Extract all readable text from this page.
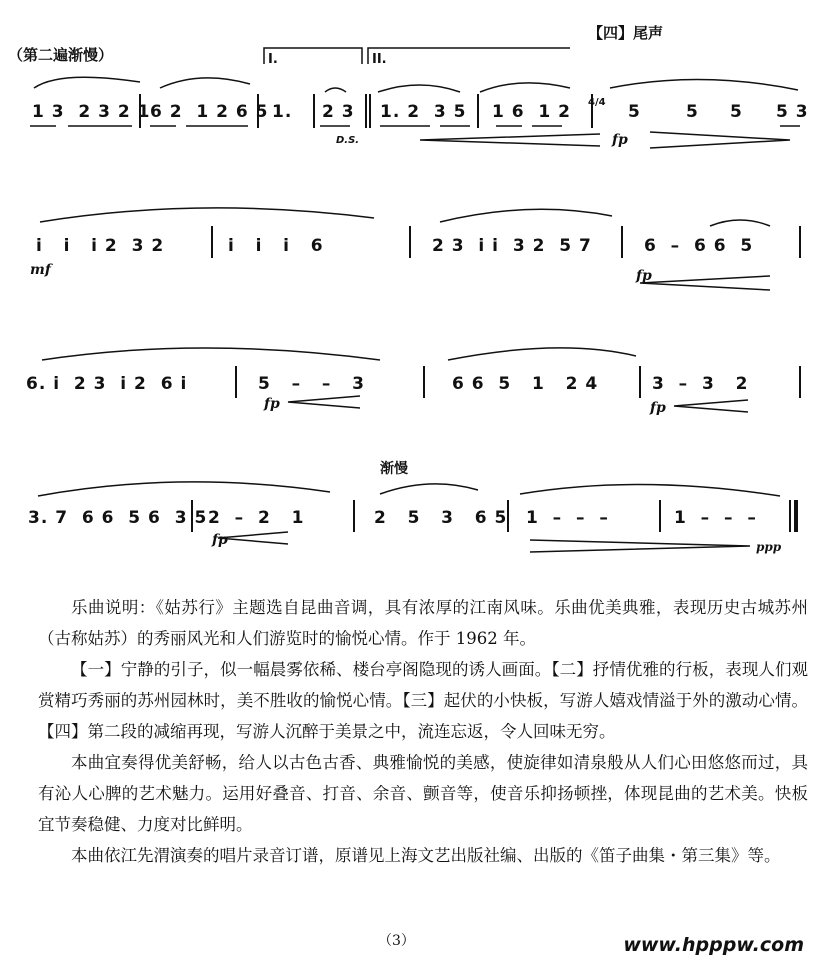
（第二遍渐慢）
【四】尾声
I.	II.
D.S.
1 3  2 3 2 1 6 2  1 2 6 5 1. 2 3 1. 2  3 5 1 6  1 2 4/4 5	5 5 5 3
fp
i   i   i 2  3 2	i   i   i   6	2 3  i i  3 2  5 7	6  –  6 6  5
mf	fp
6. i  2 3  i 2  6 i	5   –   –   3	6 6  5   1   2 4	3  –  3   2
fp	fp
渐慢
3. 7  6 6  5 6  3 5 2  –  2   1	2   5   3   6 5 1  –  –  –	1  –  –  –
fp	ppp

乐曲说明：《姑苏行》主题选自昆曲音调，具有浓厚的江南风味。乐曲优美典雅，表现历史古城苏州（古称姑苏）的秀丽风光和人们游览时的愉悦心情。作于 1962 年。

【一】宁静的引子，似一幅晨雾依稀、楼台亭阁隐现的诱人画面。【二】抒情优雅的行板，表现人们观赏精巧秀丽的苏州园林时，美不胜收的愉悦心情。【三】起伏的小快板，写游人嬉戏情溢于外的激动心情。【四】第二段的减缩再现，写游人沉醉于美景之中，流连忘返，令人回味无穷。

本曲宜奏得优美舒畅，给人以古色古香、典雅愉悦的美感，使旋律如清泉般从人们心田悠悠而过，具有沁人心脾的艺术魅力。运用好叠音、打音、余音、颤音等，使音乐抑扬顿挫，体现昆曲的艺术美。快板宜节奏稳健、力度对比鲜明。

本曲依江先渭演奏的唱片录音订谱，原谱见上海文艺出版社编、出版的《笛子曲集・第三集》等。

（3）	www.hpppw.com
